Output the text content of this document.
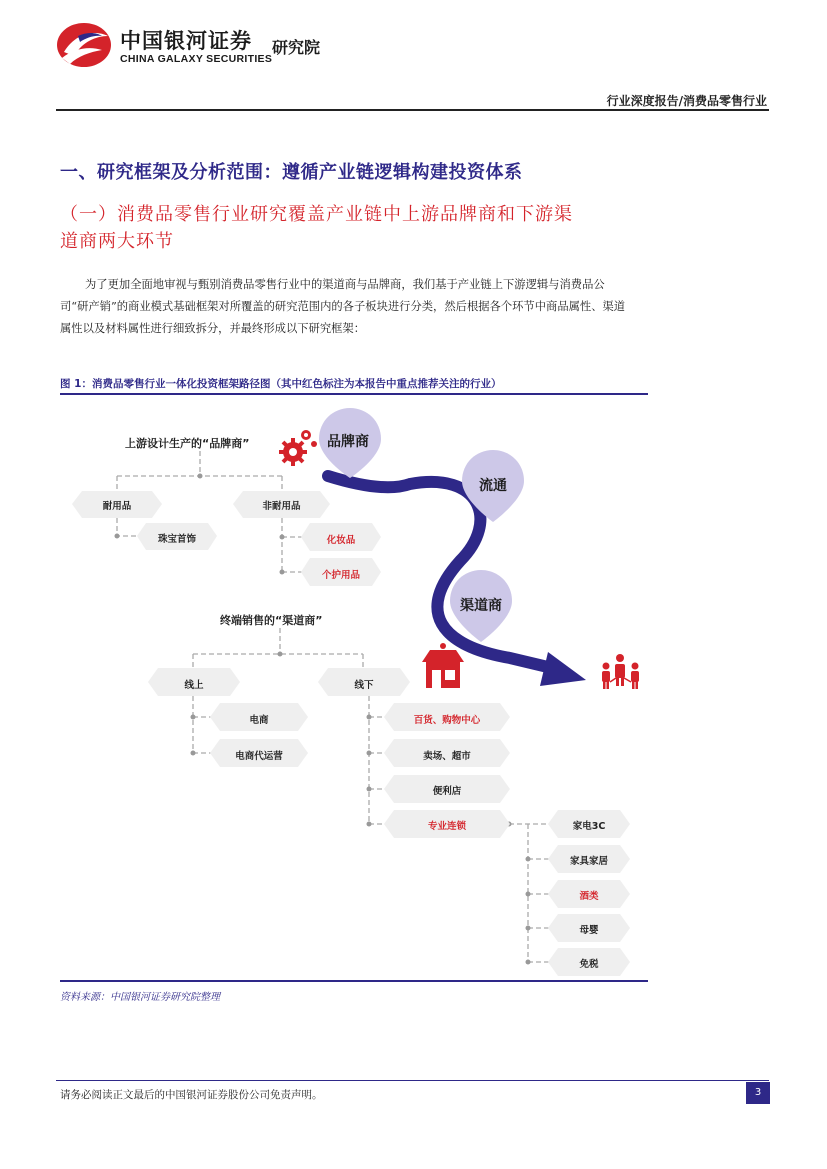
中国银河证券
CHINA GALAXY SECURITIES
研究院
行业深度报告/消费品零售行业
一、研究框架及分析范围：遵循产业链逻辑构建投资体系
（一）消费品零售行业研究覆盖产业链中上游品牌商和下游渠
道商两大环节
为了更加全面地审视与甄别消费品零售行业中的渠道商与品牌商，我们基于产业链上下游逻辑与消费品公司“研产销”的商业模式基础框架对所覆盖的研究范围内的各子板块进行分类，然后根据各个环节中商品属性、渠道属性以及材料属性进行细致拆分，并最终形成以下研究框架：
图 1：消费品零售行业一体化投资框架路径图（其中红色标注为本报告中重点推荐关注的行业）
上游设计生产的“品牌商”	品牌商
流通
渠道商
耐用品	非耐用品
珠宝首饰	化妆品
个护用品
终端销售的“渠道商”
线上	线下
电商
电商代运营
百货、购物中心
卖场、超市
便利店
专业连锁	家电3C
家具家居
酒类
母婴
免税
资料来源：中国银河证券研究院整理
请务必阅读正文最后的中国银河证券股份公司免责声明。	3
